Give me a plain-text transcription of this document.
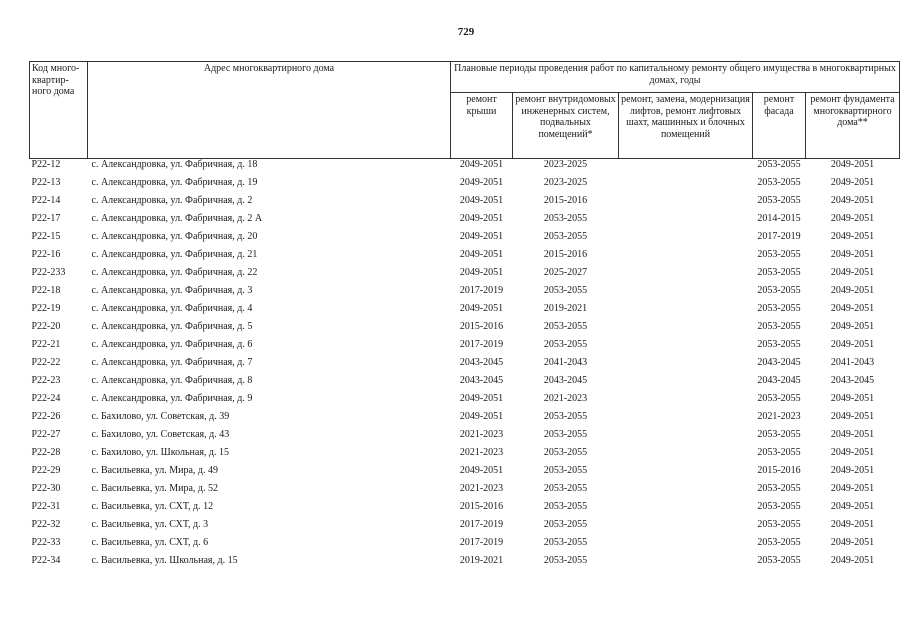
729
Код много-квартир-ного дома	Адрес многоквартирного дома	Плановые периоды проведения работ по капитальному ремонту общего имущества в многоквартирных домах, годы				
		ремонт крыши	ремонт внутридомовых инженерных систем, подвальных помещений*	ремонт, замена, модернизация лифтов, ремонт лифтовых шахт, машинных и блочных помещений	ремонт фасада	ремонт фундамента многоквартирного дома**
P22-12	с. Александровка, ул. Фабричная, д. 18	2049-2051	2023-2025		2053-2055	2049-2051
P22-13	с. Александровка, ул. Фабричная, д. 19	2049-2051	2023-2025		2053-2055	2049-2051
P22-14	с. Александровка, ул. Фабричная, д. 2	2049-2051	2015-2016		2053-2055	2049-2051
P22-17	с. Александровка, ул. Фабричная, д. 2 А	2049-2051	2053-2055		2014-2015	2049-2051
P22-15	с. Александровка, ул. Фабричная, д. 20	2049-2051	2053-2055		2017-2019	2049-2051
P22-16	с. Александровка, ул. Фабричная, д. 21	2049-2051	2015-2016		2053-2055	2049-2051
P22-233	с. Александровка, ул. Фабричная, д. 22	2049-2051	2025-2027		2053-2055	2049-2051
P22-18	с. Александровка, ул. Фабричная, д. 3	2017-2019	2053-2055		2053-2055	2049-2051
P22-19	с. Александровка, ул. Фабричная, д. 4	2049-2051	2019-2021		2053-2055	2049-2051
P22-20	с. Александровка, ул. Фабричная, д. 5	2015-2016	2053-2055		2053-2055	2049-2051
P22-21	с. Александровка, ул. Фабричная, д. 6	2017-2019	2053-2055		2053-2055	2049-2051
P22-22	с. Александровка, ул. Фабричная, д. 7	2043-2045	2041-2043		2043-2045	2041-2043
P22-23	с. Александровка, ул. Фабричная, д. 8	2043-2045	2043-2045		2043-2045	2043-2045
P22-24	с. Александровка, ул. Фабричная, д. 9	2049-2051	2021-2023		2053-2055	2049-2051
P22-26	с. Бахилово, ул. Советская, д. 39	2049-2051	2053-2055		2021-2023	2049-2051
P22-27	с. Бахилово, ул. Советская, д. 43	2021-2023	2053-2055		2053-2055	2049-2051
P22-28	с. Бахилово, ул. Школьная, д. 15	2021-2023	2053-2055		2053-2055	2049-2051
P22-29	с. Васильевка, ул. Мира, д. 49	2049-2051	2053-2055		2015-2016	2049-2051
P22-30	с. Васильевка, ул. Мира, д. 52	2021-2023	2053-2055		2053-2055	2049-2051
P22-31	с. Васильевка, ул. СХТ, д. 12	2015-2016	2053-2055		2053-2055	2049-2051
P22-32	с. Васильевка, ул. СХТ, д. 3	2017-2019	2053-2055		2053-2055	2049-2051
P22-33	с. Васильевка, ул. СХТ, д. 6	2017-2019	2053-2055		2053-2055	2049-2051
P22-34	с. Васильевка, ул. Школьная, д. 15	2019-2021	2053-2055		2053-2055	2049-2051
